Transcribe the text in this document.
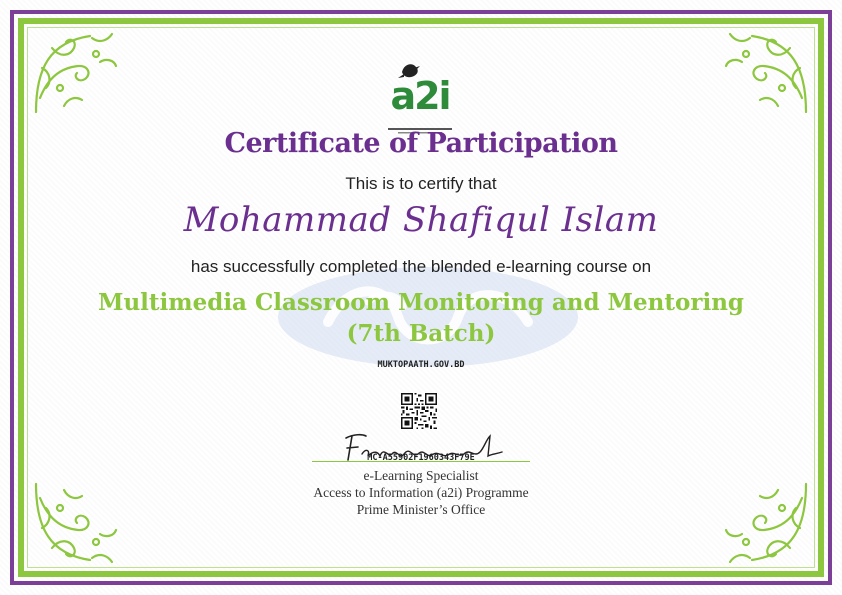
a2i
Certificate of Participation
This is to certify that
Mohammad Shafiqul Islam
has successfully completed the blended e-learning course on
Multimedia Classroom Monitoring and Mentoring (7th Batch)
MUKTOPAATH.GOV.BD
MC-A55902F1960343F79E
e-Learning Specialist
Access to Information (a2i) Programme
Prime Minister’s Office
